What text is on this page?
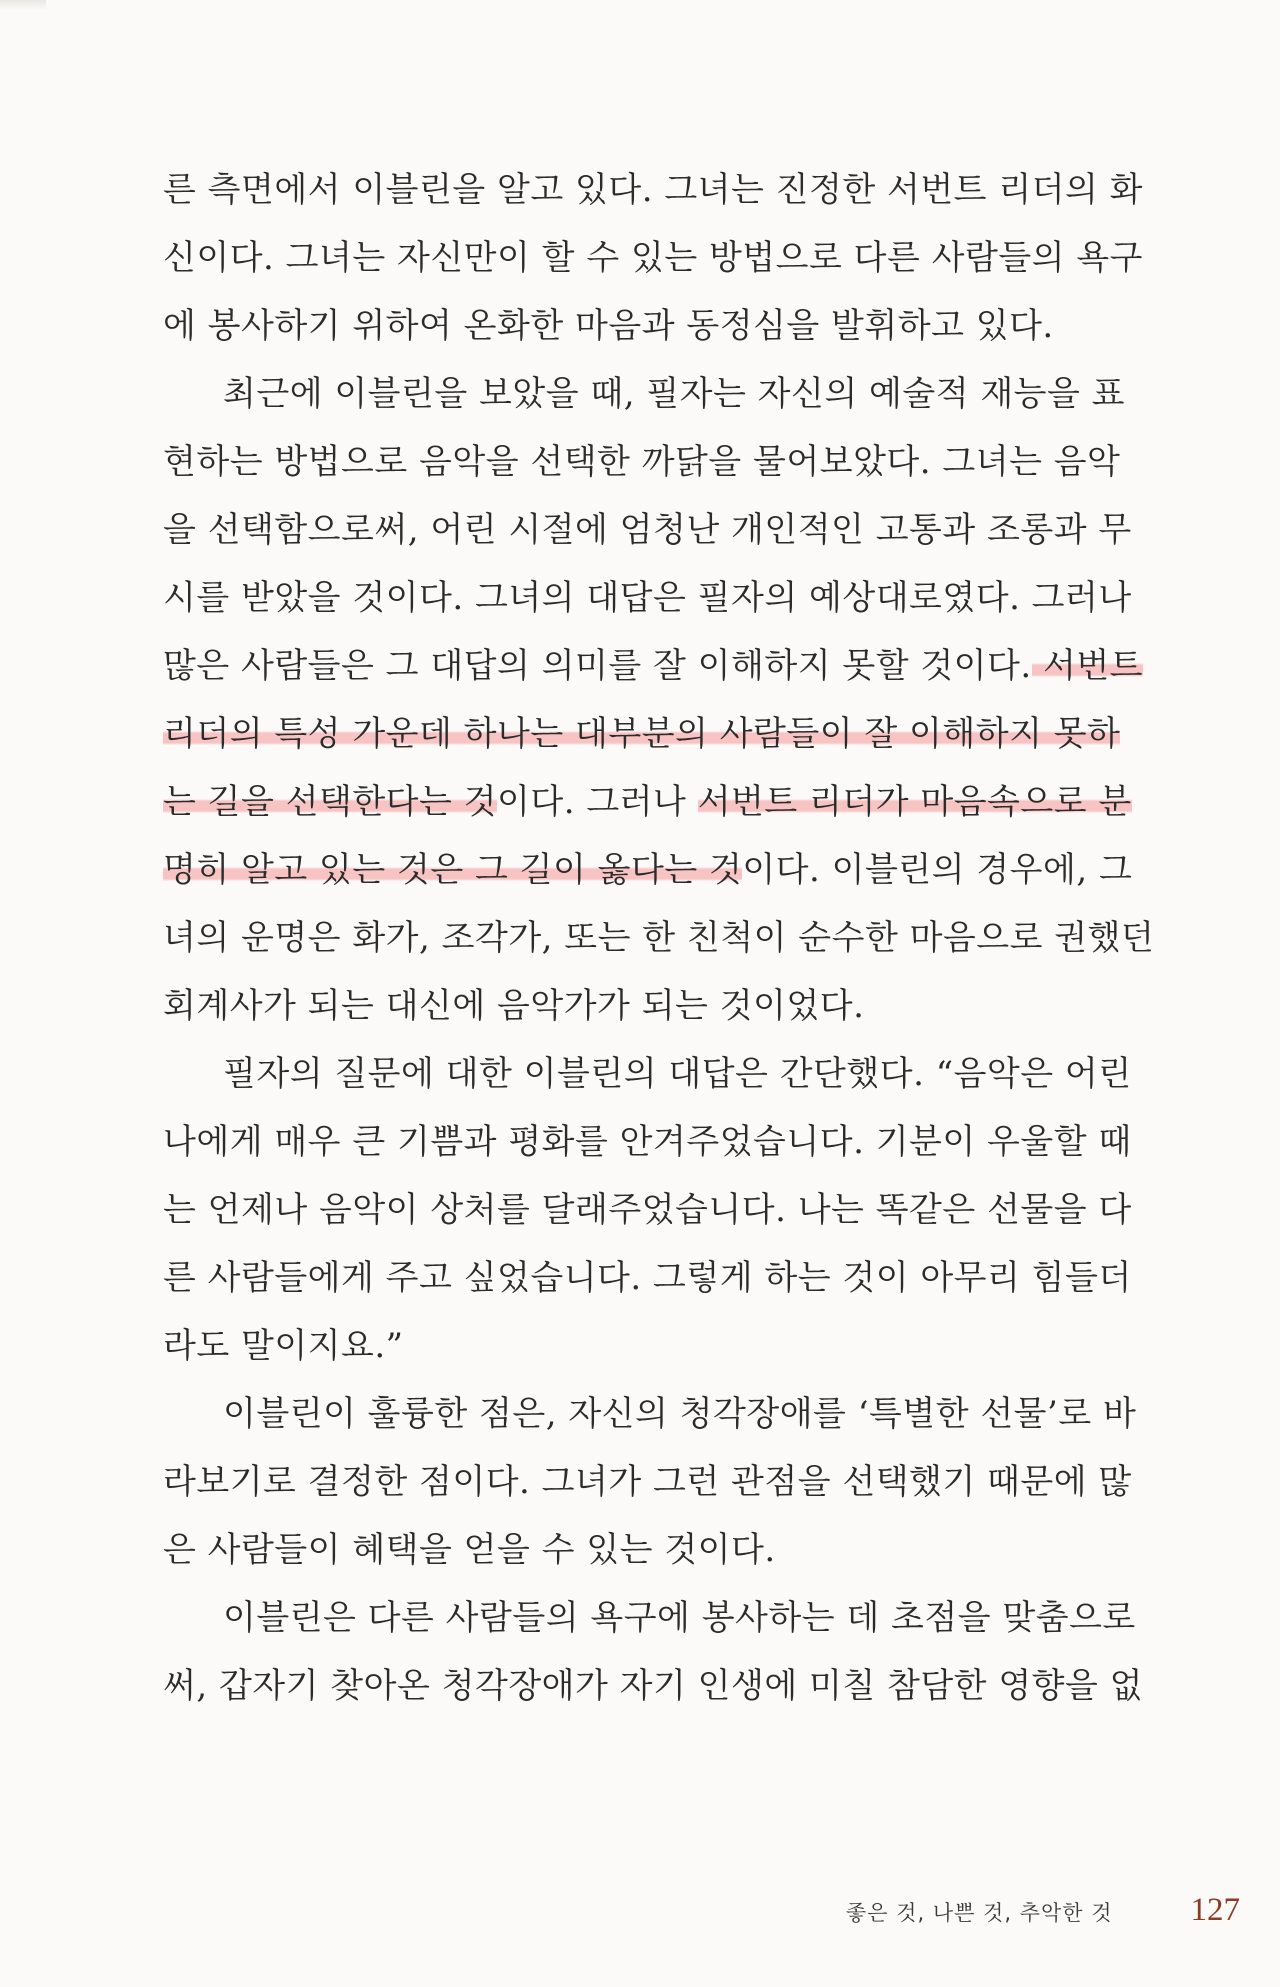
른 측면에서 이블린을 알고 있다. 그녀는 진정한 서번트 리더의 화
신이다. 그녀는 자신만이 할 수 있는 방법으로 다른 사람들의 욕구
에 봉사하기 위하여 온화한 마음과 동정심을 발휘하고 있다.
최근에 이블린을 보았을 때, 필자는 자신의 예술적 재능을 표
현하는 방법으로 음악을 선택한 까닭을 물어보았다. 그녀는 음악
을 선택함으로써, 어린 시절에 엄청난 개인적인 고통과 조롱과 무
시를 받았을 것이다. 그녀의 대답은 필자의 예상대로였다. 그러나
많은 사람들은 그 대답의 의미를 잘 이해하지 못할 것이다. 서번트
리더의 특성 가운데 하나는 대부분의 사람들이 잘 이해하지 못하
는 길을 선택한다는 것이다. 그러나 서번트 리더가 마음속으로 분
명히 알고 있는 것은 그 길이 옳다는 것이다. 이블린의 경우에, 그
녀의 운명은 화가, 조각가, 또는 한 친척이 순수한 마음으로 권했던
회계사가 되는 대신에 음악가가 되는 것이었다.
필자의 질문에 대한 이블린의 대답은 간단했다. “음악은 어린
나에게 매우 큰 기쁨과 평화를 안겨주었습니다. 기분이 우울할 때
는 언제나 음악이 상처를 달래주었습니다. 나는 똑같은 선물을 다
른 사람들에게 주고 싶었습니다. 그렇게 하는 것이 아무리 힘들더
라도 말이지요.”
이블린이 훌륭한 점은, 자신의 청각장애를 ‘특별한 선물’로 바
라보기로 결정한 점이다. 그녀가 그런 관점을 선택했기 때문에 많
은 사람들이 혜택을 얻을 수 있는 것이다.
이블린은 다른 사람들의 욕구에 봉사하는 데 초점을 맞춤으로
써, 갑자기 찾아온 청각장애가 자기 인생에 미칠 참담한 영향을 없
좋은 것, 나쁜 것, 추악한 것 127
